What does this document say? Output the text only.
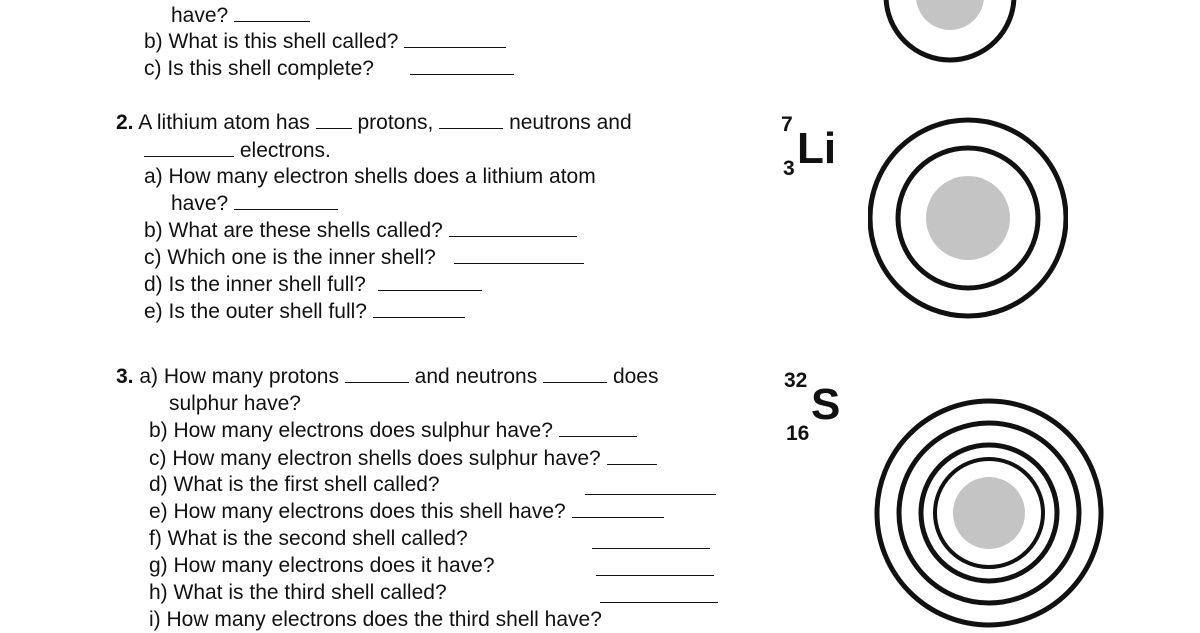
have?
b) What is this shell called?
c) Is this shell complete?
2. A lithium atom has protons,	neutrons and
electrons.
a) How many electron shells does a lithium atom
have?
b) What are these shells called?
c) Which one is the inner shell?
d) Is the inner shell full?
e) Is the outer shell full?
7 Li
3
3. a) How many protons	and neutrons	does
sulphur have?
b) How many electrons does sulphur have?
c) How many electron shells does sulphur have?
d) What is the first shell called?
e) How many electrons does this shell have?
f) What is the second shell called?
g) How many electrons does it have?
h) What is the third shell called?
i) How many electrons does the third shell have?
32 S
16
